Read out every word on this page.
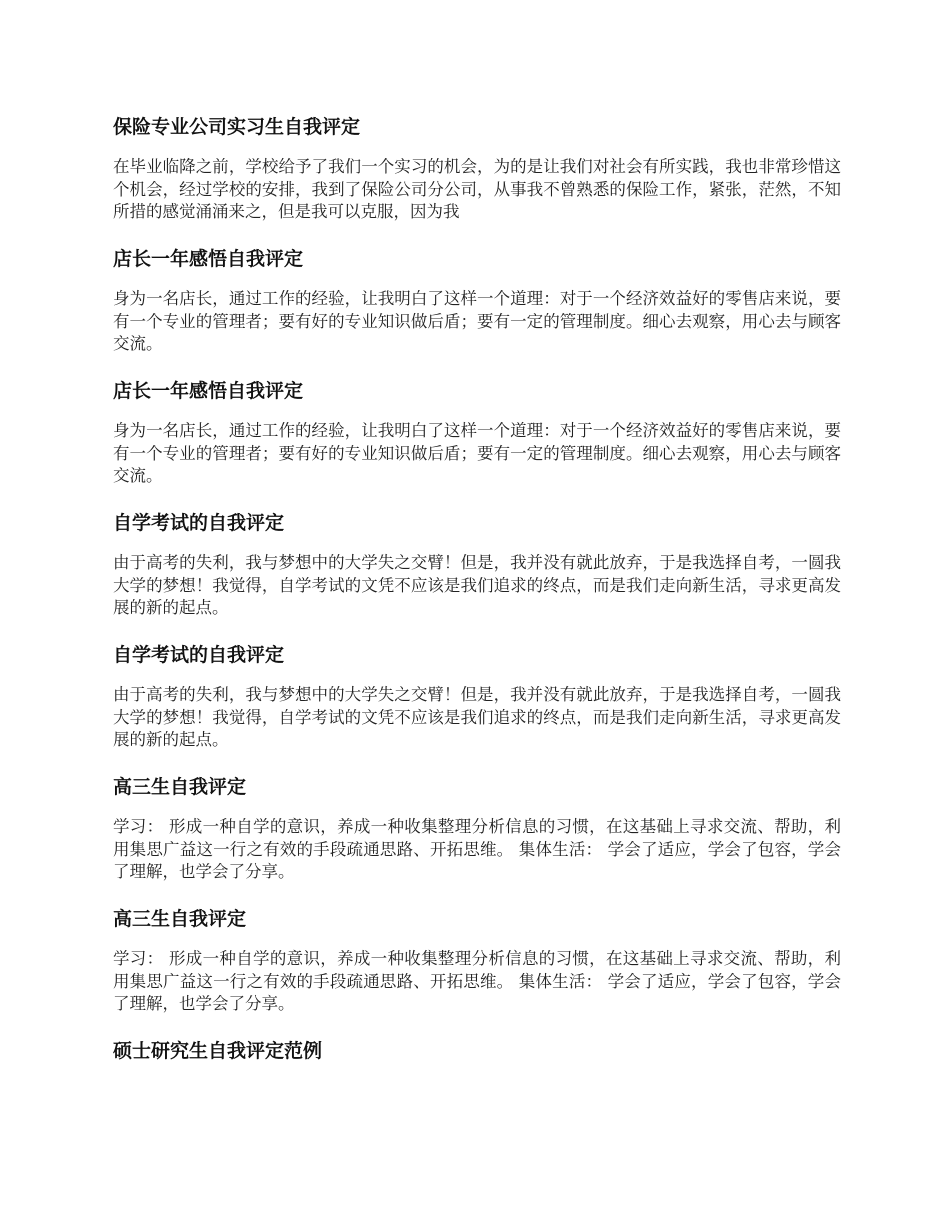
保险专业公司实习生自我评定

在毕业临降之前，学校给予了我们一个实习的机会，为的是让我们对社会有所实践，我也非常珍惜这个机会，经过学校的安排，我到了保险公司分公司，从事我不曾熟悉的保险工作，紧张，茫然，不知所措的感觉涌涌来之，但是我可以克服，因为我

店长一年感悟自我评定

身为一名店长，通过工作的经验，让我明白了这样一个道理：对于一个经济效益好的零售店来说，要有一个专业的管理者；要有好的专业知识做后盾；要有一定的管理制度。细心去观察，用心去与顾客交流。

店长一年感悟自我评定

身为一名店长，通过工作的经验，让我明白了这样一个道理：对于一个经济效益好的零售店来说，要有一个专业的管理者；要有好的专业知识做后盾；要有一定的管理制度。细心去观察，用心去与顾客交流。

自学考试的自我评定

由于高考的失利，我与梦想中的大学失之交臂！但是，我并没有就此放弃，于是我选择自考，一圆我大学的梦想！我觉得，自学考试的文凭不应该是我们追求的终点，而是我们走向新生活，寻求更高发展的新的起点。

自学考试的自我评定

由于高考的失利，我与梦想中的大学失之交臂！但是，我并没有就此放弃，于是我选择自考，一圆我大学的梦想！我觉得，自学考试的文凭不应该是我们追求的终点，而是我们走向新生活，寻求更高发展的新的起点。

高三生自我评定

学习： 形成一种自学的意识，养成一种收集整理分析信息的习惯，在这基础上寻求交流、帮助，利用集思广益这一行之有效的手段疏通思路、开拓思维。 集体生活： 学会了适应，学会了包容，学会了理解，也学会了分享。

高三生自我评定

学习： 形成一种自学的意识，养成一种收集整理分析信息的习惯，在这基础上寻求交流、帮助，利用集思广益这一行之有效的手段疏通思路、开拓思维。 集体生活： 学会了适应，学会了包容，学会了理解，也学会了分享。

硕士研究生自我评定范例
